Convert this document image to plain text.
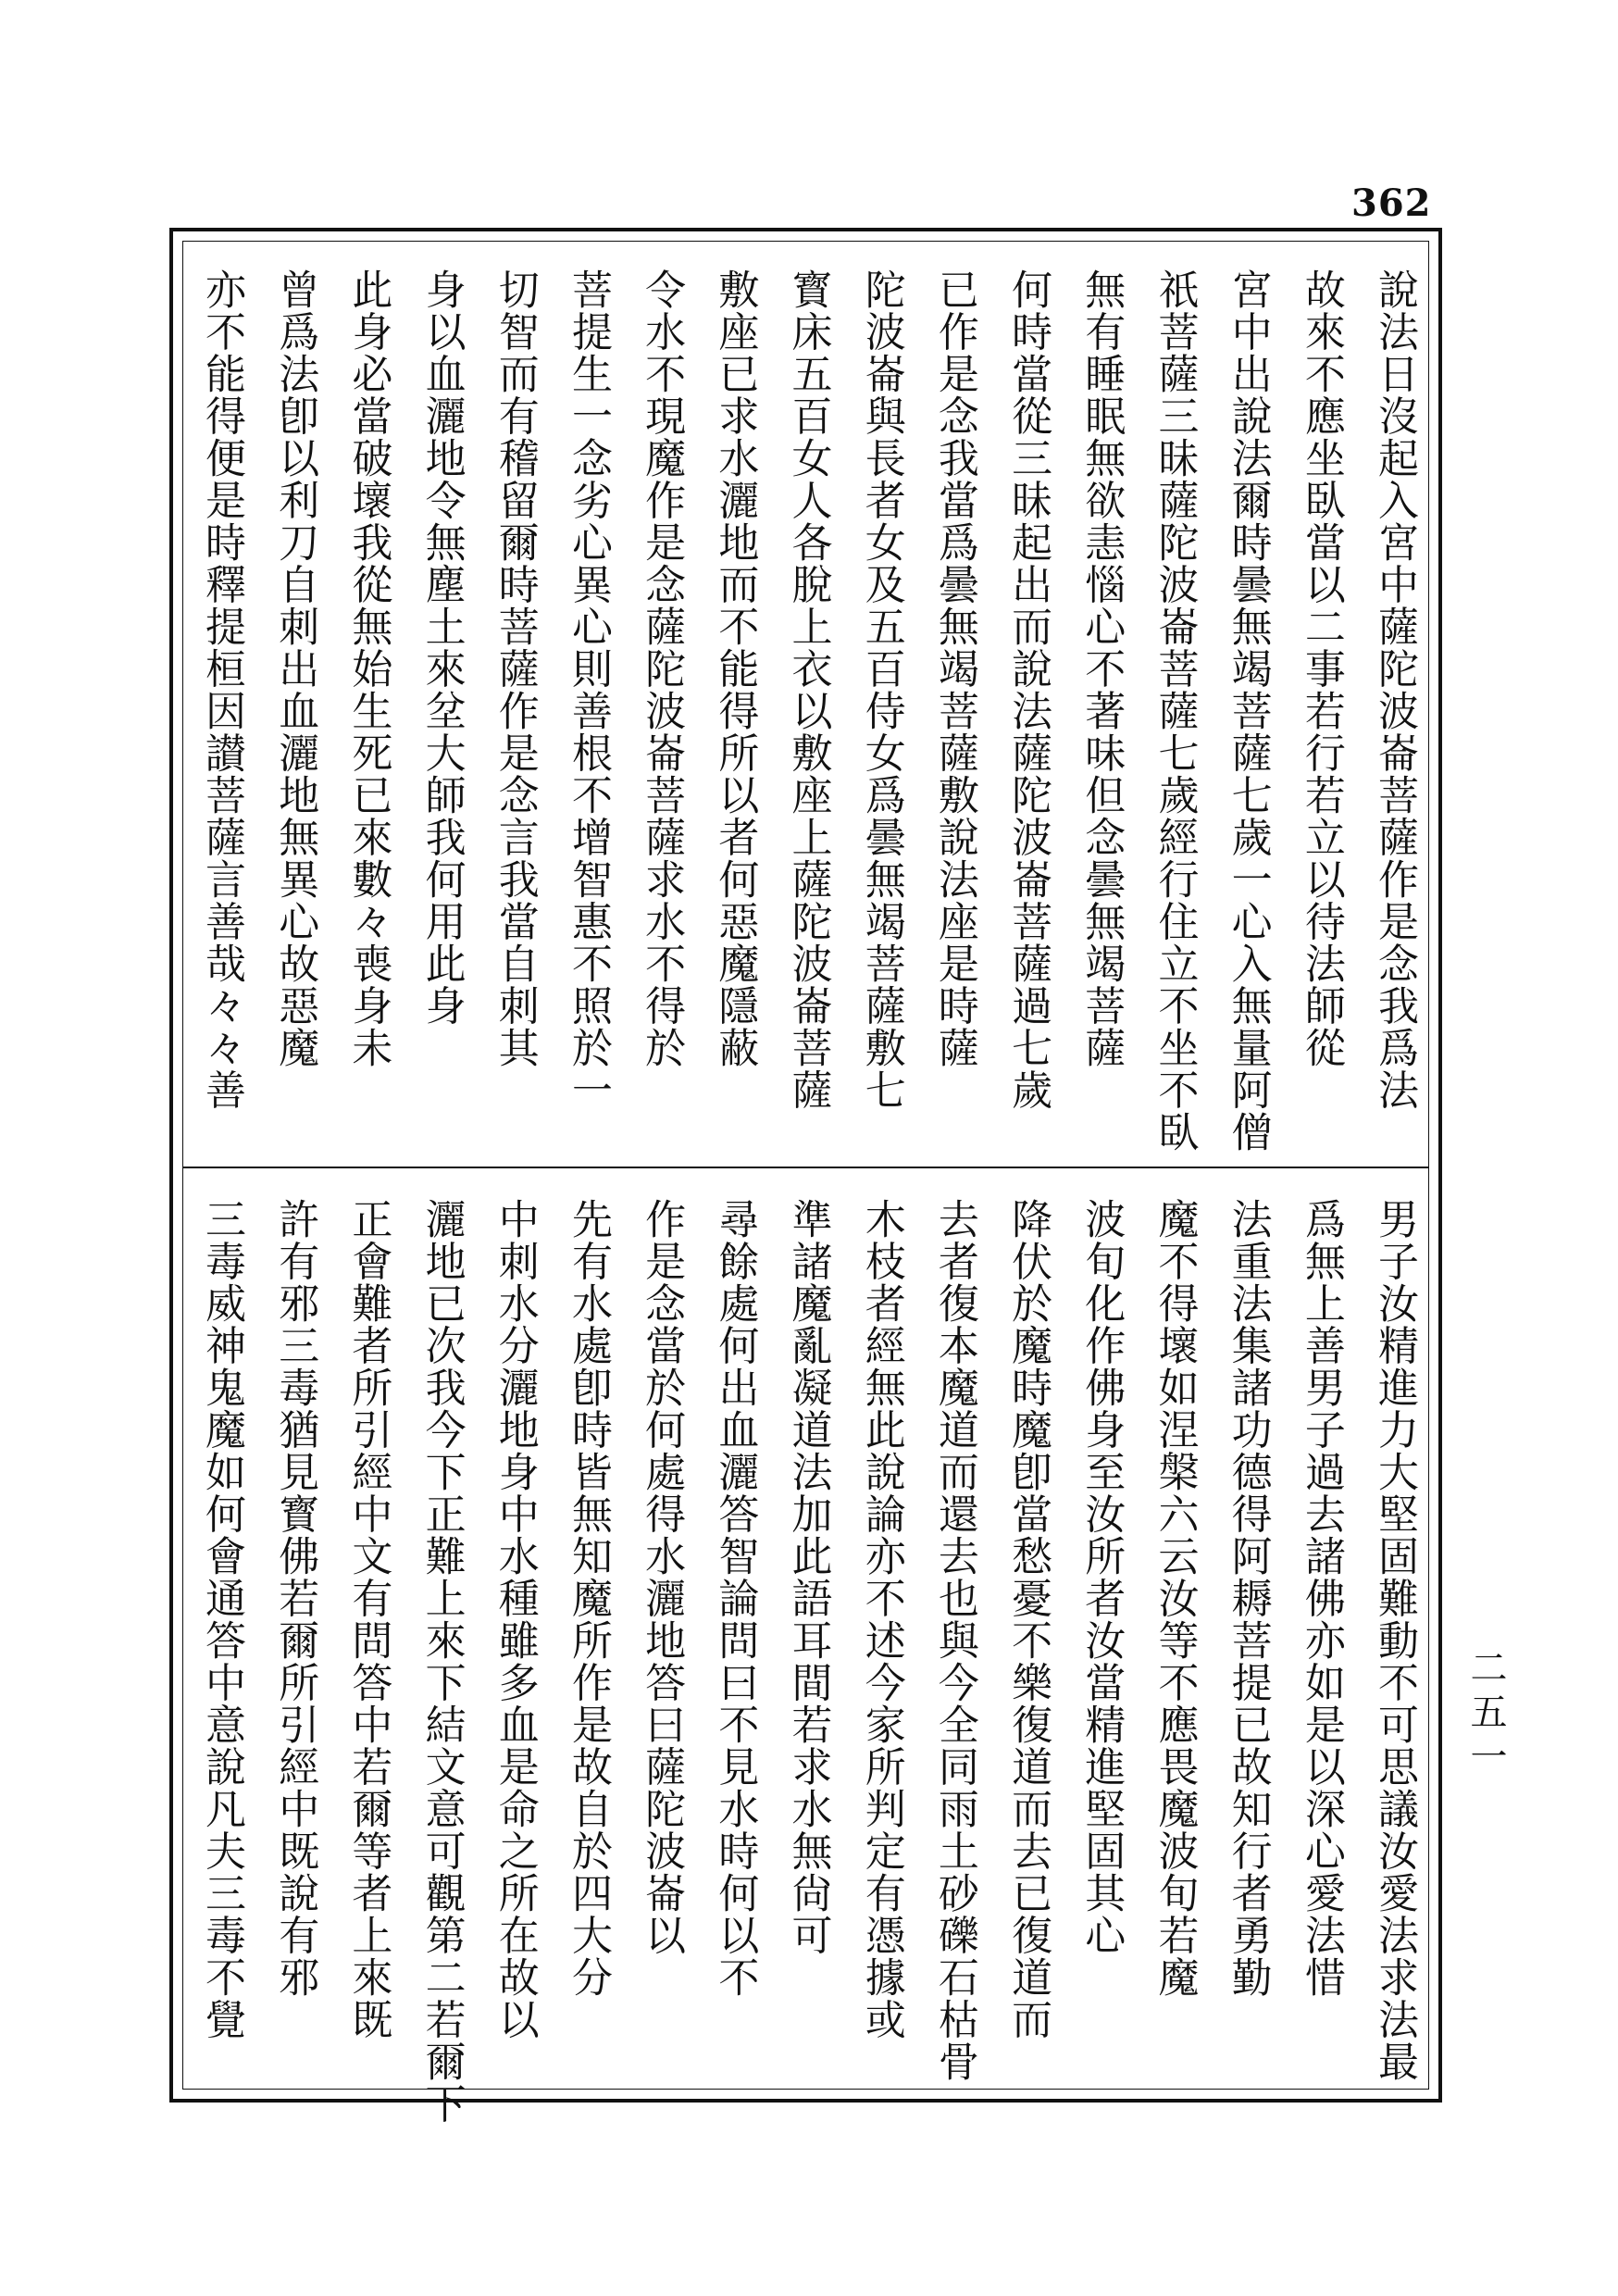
362
說法日沒起入宮中薩陀波崙菩薩作是念我爲法
故來不應坐臥當以二事若行若立以待法師從
宮中出說法爾時曇無竭菩薩七歲一心入無量阿僧
祇菩薩三昧薩陀波崙菩薩七歲經行住立不坐不臥
無有睡眠無欲恚惱心不著味但念曇無竭菩薩
何時當從三昧起出而說法薩陀波崙菩薩過七歲
已作是念我當爲曇無竭菩薩敷說法座是時薩
陀波崙與長者女及五百侍女爲曇無竭菩薩敷七
寳床五百女人各脫上衣以敷座上薩陀波崙菩薩
敷座已求水灑地而不能得所以者何惡魔隱蔽
令水不現魔作是念薩陀波崙菩薩求水不得於
菩提生一念劣心異心則善根不增智惠不照於一
切智而有稽留爾時菩薩作是念言我當自刺其
身以血灑地令無塵土來坌大師我何用此身
此身必當破壞我從無始生死已來數々喪身未
曾爲法卽以利刀自刺出血灑地無異心故惡魔
亦不能得便是時釋提桓因讃菩薩言善哉々々善
男子汝精進力大堅固難動不可思議汝愛法求法最
爲無上善男子過去諸佛亦如是以深心愛法惜
法重法集諸功德得阿耨菩提已故知行者勇勤
魔不得壞如涅槃六云汝等不應畏魔波旬若魔
波旬化作佛身至汝所者汝當精進堅固其心
降伏於魔時魔卽當愁憂不樂復道而去已復道而
去者復本魔道而還去也與今全同雨土砂礫石枯骨
木枝者經無此說論亦不述今家所判定有憑據或
準諸魔亂凝道法加此語耳間若求水無尙可
尋餘處何出血灑答智論問曰不見水時何以不
作是念當於何處得水灑地答曰薩陀波崙以
先有水處卽時皆無知魔所作是故自於四大分
中刺水分灑地身中水種雖多血是命之所在故以
灑地已次我今下正難上來下結文意可觀第二若爾下
正會難者所引經中文有問答中若爾等者上來既
許有邪三毒猶見寳佛若爾所引經中既說有邪
三毒威神鬼魔如何會通答中意說凡夫三毒不覺	二五一
